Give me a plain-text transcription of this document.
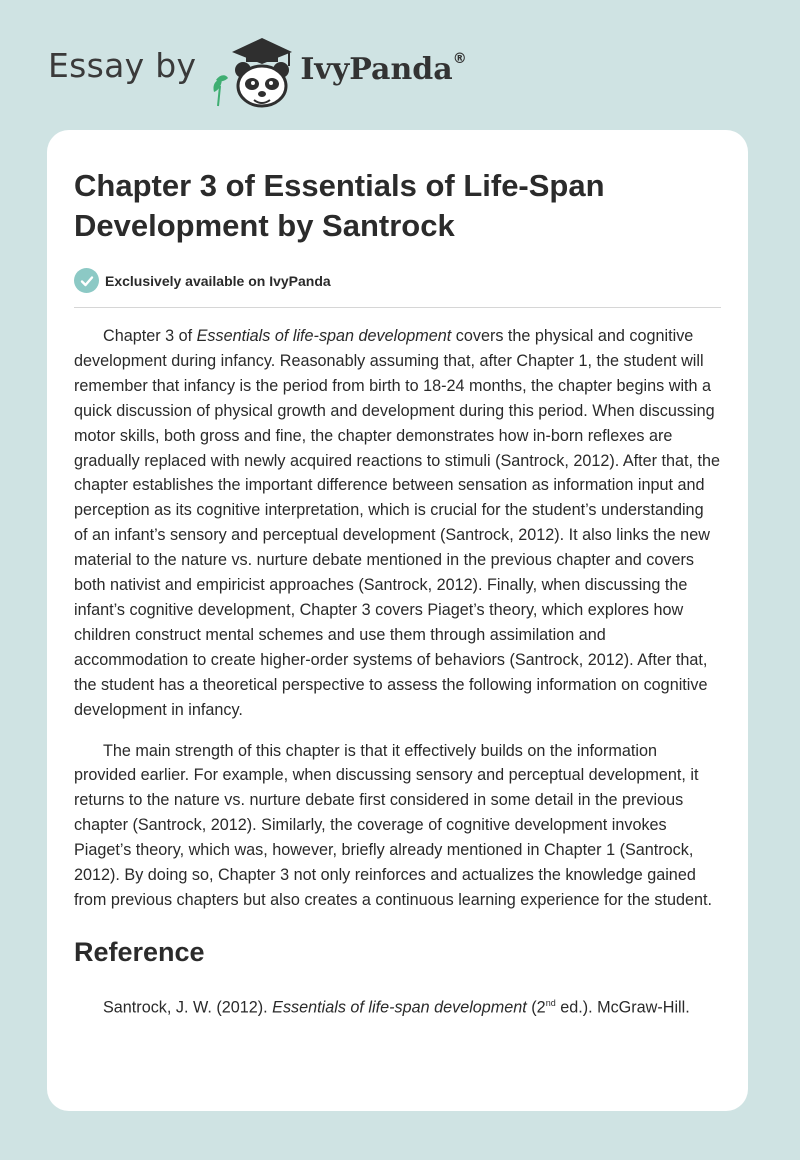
Essay by	IvyPanda®
Chapter 3 of Essentials of Life-Span Development by Santrock
Exclusively available on IvyPanda

Chapter 3 of Essentials of life-span development covers the physical and cognitive development during infancy. Reasonably assuming that, after Chapter 1, the student will remember that infancy is the period from birth to 18-24 months, the chapter begins with a quick discussion of physical growth and development during this period. When discussing motor skills, both gross and fine, the chapter demonstrates how in-born reflexes are gradually replaced with newly acquired reactions to stimuli (Santrock, 2012). After that, the chapter establishes the important difference between sensation as information input and perception as its cognitive interpretation, which is crucial for the student’s understanding of an infant’s sensory and perceptual development (Santrock, 2012). It also links the new material to the nature vs. nurture debate mentioned in the previous chapter and covers both nativist and empiricist approaches (Santrock, 2012). Finally, when discussing the infant’s cognitive development, Chapter 3 covers Piaget’s theory, which explores how children construct mental schemes and use them through assimilation and accommodation to create higher-order systems of behaviors (Santrock, 2012). After that, the student has a theoretical perspective to assess the following information on cognitive development in infancy.

The main strength of this chapter is that it effectively builds on the information provided earlier. For example, when discussing sensory and perceptual development, it returns to the nature vs. nurture debate first considered in some detail in the previous chapter (Santrock, 2012). Similarly, the coverage of cognitive development invokes Piaget’s theory, which was, however, briefly already mentioned in Chapter 1 (Santrock, 2012). By doing so, Chapter 3 not only reinforces and actualizes the knowledge gained from previous chapters but also creates a continuous learning experience for the student.

Reference

Santrock, J. W. (2012). Essentials of life-span development (2nd ed.). McGraw-Hill.
